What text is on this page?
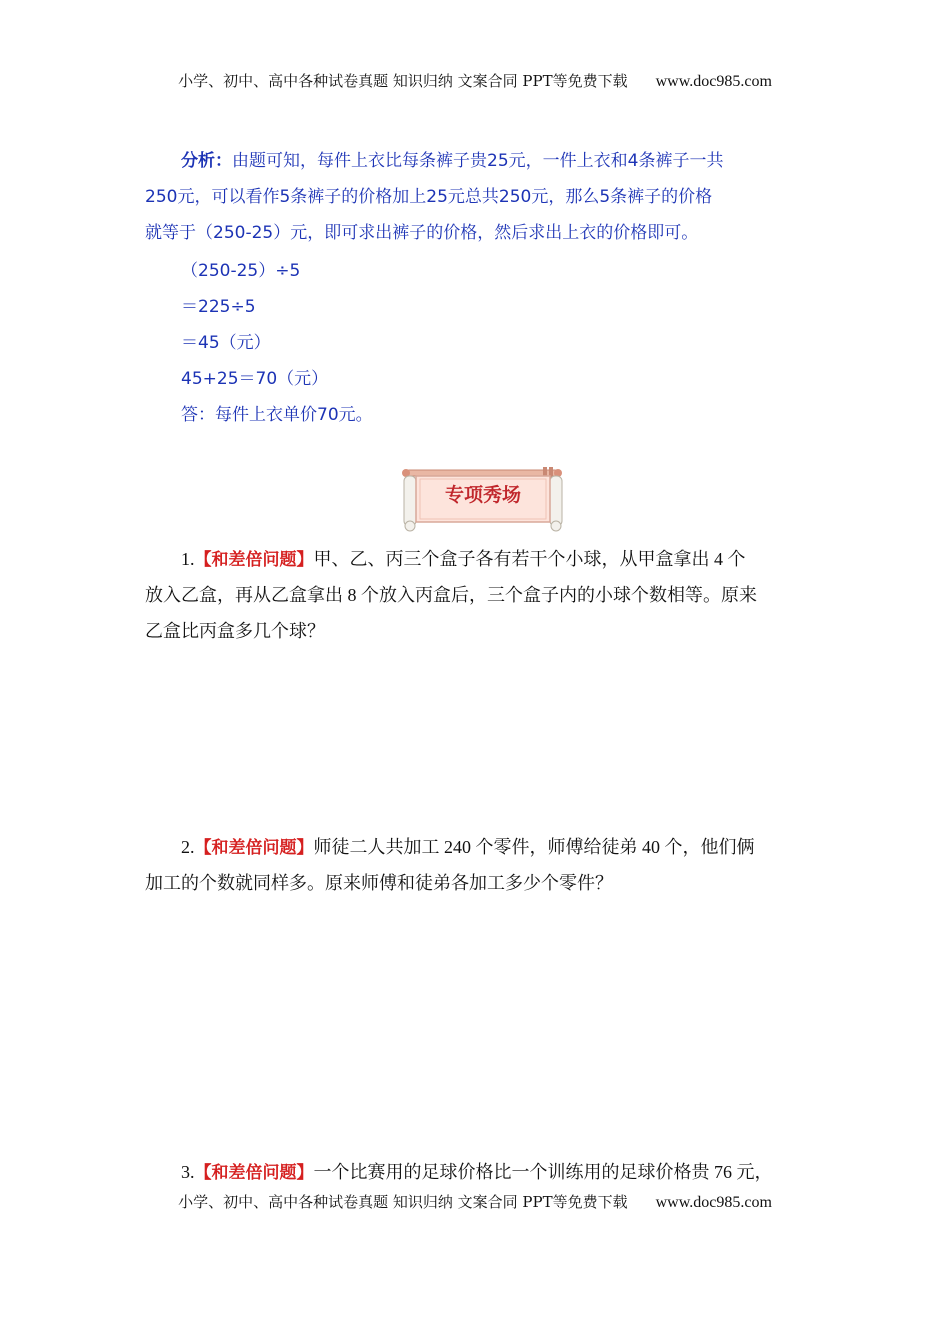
小学、初中、高中各种试卷真题 知识归纳 文案合同 PPT等免费下载 www.doc985.com
分析：由题可知，每件上衣比每条裤子贵25元，一件上衣和4条裤子一共
250元，可以看作5条裤子的价格加上25元总共250元，那么5条裤子的价格
就等于（250-25）元，即可求出裤子的价格，然后求出上衣的价格即可。
（250-25）÷5
＝225÷5
＝45（元）
45+25＝70（元）
答：每件上衣单价70元。
专项秀场
1.【和差倍问题】甲、乙、丙三个盒子各有若干个小球，从甲盒拿出 4 个
放入乙盒，再从乙盒拿出 8 个放入丙盒后，三个盒子内的小球个数相等。原来
乙盒比丙盒多几个球？
2.【和差倍问题】师徒二人共加工 240 个零件，师傅给徒弟 40 个，他们俩
加工的个数就同样多。原来师傅和徒弟各加工多少个零件？
3.【和差倍问题】一个比赛用的足球价格比一个训练用的足球价格贵 76 元，
小学、初中、高中各种试卷真题 知识归纳 文案合同 PPT等免费下载 www.doc985.com
